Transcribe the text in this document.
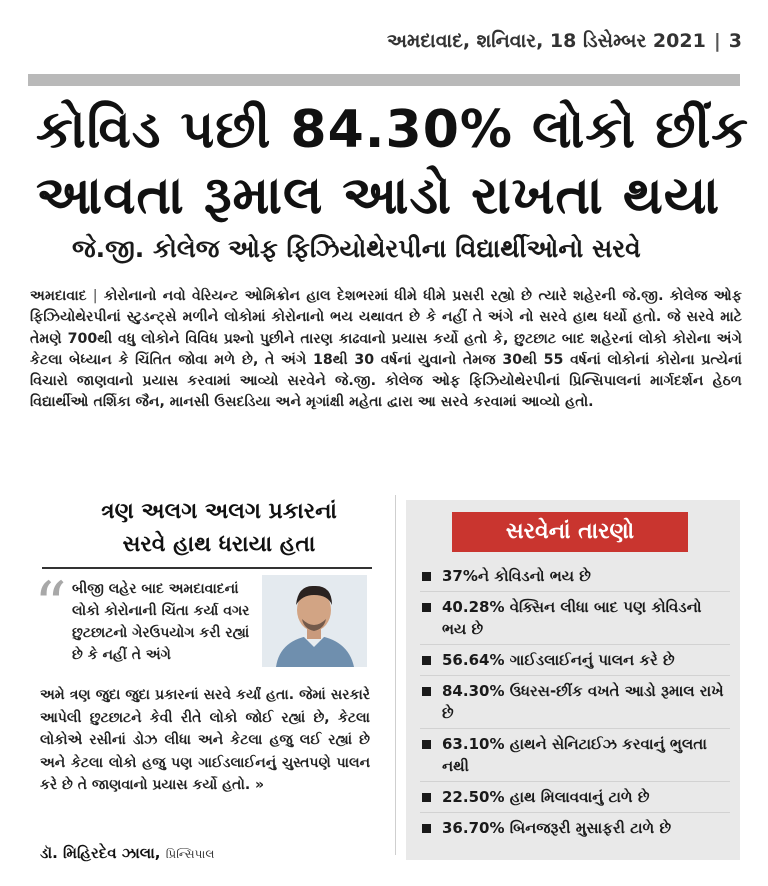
અમદાવાદ, શનિવાર, 18 ડિસેમ્બર 2021 | 3
કોવિડ પછી 84.30% લોકો છીંક
આવતા રૂમાલ આડો રાખતા થયા
જે.જી. કોલેજ ઓફ ફિઝિયોથેરપીના વિદ્યાર્થીઓનો સરવે
અમદાવાદ | કોરોનાનો નવો વેરિયન્ટ ઓમિક્રોન હાલ દેશભરમાં ધીમે ધીમે પ્રસરી રહ્યો છે ત્યારે શહેરની જે.જી. કોલેજ ઓફ ફિઝિયોથેરપીનાં સ્ટુડન્ટ્સે મળીને લોકોમાં કોરોનાનો ભય યથાવત છે કે નહીં તે અંગે નો સરવે હાથ ધર્યો હતો. જે સરવે માટે તેમણે 700થી વધુ લોકોને વિવિધ પ્રશ્નો પુછીને તારણ કાઢવાનો પ્રયાસ કર્યો હતો કે, છુટછાટ બાદ શહેરનાં લોકો કોરોના અંગે કેટલા બેધ્યાન કે ચિંતિત જોવા મળે છે, તે અંગે 18થી 30 વર્ષનાં યુવાનો તેમજ 30થી 55 વર્ષનાં લોકોનાં કોરોના પ્રત્યેનાં વિચારો જાણવાનો પ્રયાસ કરવામાં આવ્યો સરવેને જે.જી. કોલેજ ઓફ ફિઝિયોથેરપીનાં પ્રિન્સિપાલનાં માર્ગદર્શન હેઠળ વિદ્યાર્થીઓ તર્શિકા જૈન, માનસી ઉસદડિયા અને મૃગાંક્ષી મહેતા દ્વારા આ સરવે કરવામાં આવ્યો હતો.
ત્રણ અલગ અલગ પ્રકારનાં
સરવે હાથ ધરાયા હતા
“ બીજી લહેર બાદ અમદાવાદનાં લોકો કોરોનાની ચિંતા કર્યા વગર છુટછાટનો ગેરઉપયોગ કરી રહ્યાં છે કે નહીં તે અંગે
અમે ત્રણ જુદા જુદા પ્રકારનાં સરવે કર્યાં હતા. જેમાં સરકારે આપેલી છુટછાટને કેવી રીતે લોકો જોઈ રહ્યાં છે, કેટલા લોકોએ રસીનાં ડોઝ લીધા અને કેટલા હજુ લઈ રહ્યાં છે અને કેટલા લોકો હજુ પણ ગાઈડલાઈનનું ચુસ્તપણે પાલન કરે છે તે જાણવાનો પ્રયાસ કર્યો હતો. »
ડૉ. મિહિરદેવ ઝાલા, પ્રિન્સિપાલ
સરવેનાં તારણો
37%ને કોવિડનો ભય છે
40.28% વેક્સિન લીધા બાદ પણ કોવિડનો ભય છે
56.64% ગાઈડલાઈનનું પાલન કરે છે
84.30% ઉધરસ-છીંક વખતે આડો રૂમાલ રાખે છે
63.10% હાથને સેનિટાઈઝ કરવાનું ભુલતા નથી
22.50% હાથ મિલાવવાનું ટાળે છે
36.70% બિનજરૂરી મુસાફરી ટાળે છે
